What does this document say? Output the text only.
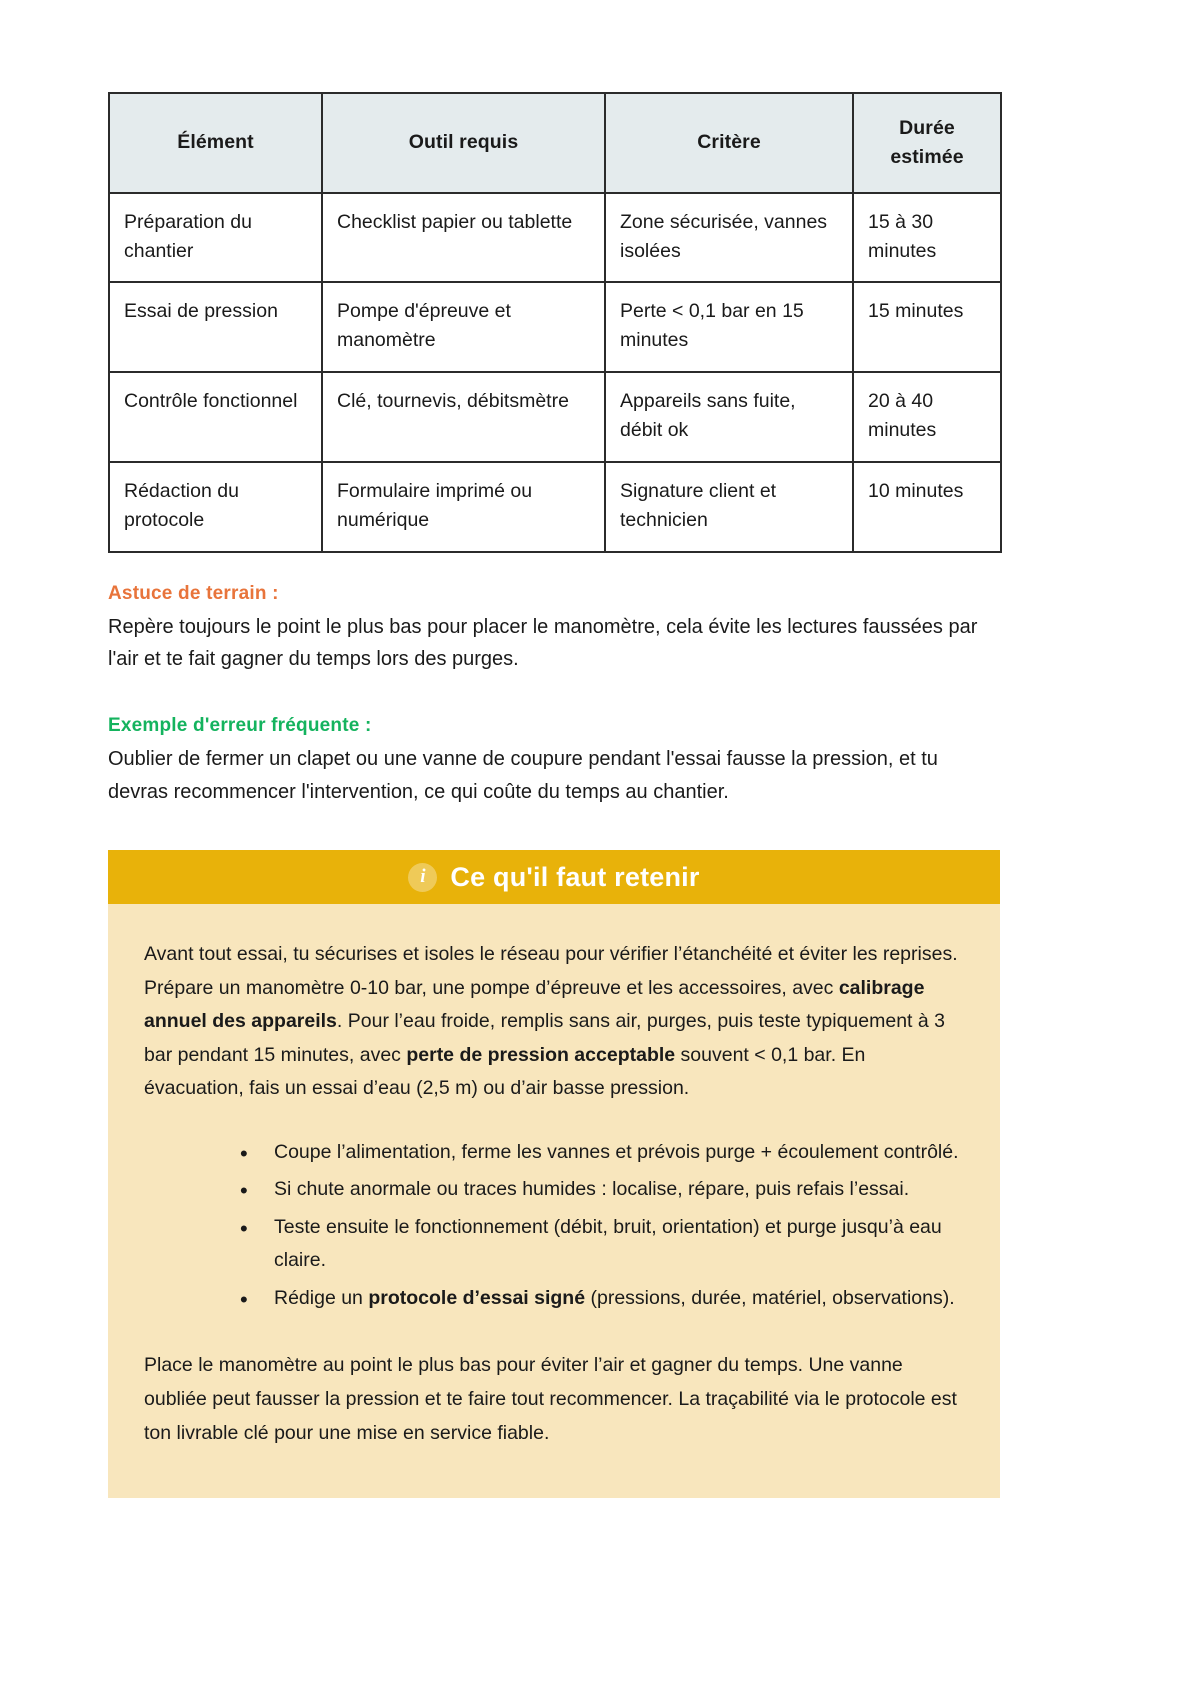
Élément	Outil requis	Critère	Durée estimée
Préparation du chantier	Checklist papier ou tablette	Zone sécurisée, vannes isolées	15 à 30 minutes
Essai de pression	Pompe d'épreuve et manomètre	Perte < 0,1 bar en 15 minutes	15 minutes
Contrôle fonctionnel	Clé, tournevis, débitsmètre	Appareils sans fuite, débit ok	20 à 40 minutes
Rédaction du protocole	Formulaire imprimé ou numérique	Signature client et technicien	10 minutes

Astuce de terrain :

Repère toujours le point le plus bas pour placer le manomètre, cela évite les lectures faussées par l'air et te fait gagner du temps lors des purges.

Exemple d'erreur fréquente :

Oublier de fermer un clapet ou une vanne de coupure pendant l'essai fausse la pression, et tu devras recommencer l'intervention, ce qui coûte du temps au chantier.

i Ce qu'il faut retenir

Avant tout essai, tu sécurises et isoles le réseau pour vérifier l’étanchéité et éviter les reprises. Prépare un manomètre 0-10 bar, une pompe d’épreuve et les accessoires, avec calibrage annuel des appareils. Pour l’eau froide, remplis sans air, purges, puis teste typiquement à 3 bar pendant 15 minutes, avec perte de pression acceptable souvent < 0,1 bar. En évacuation, fais un essai d’eau (2,5 m) ou d’air basse pression.

• Coupe l’alimentation, ferme les vannes et prévois purge + écoulement contrôlé.
• Si chute anormale ou traces humides : localise, répare, puis refais l’essai.
• Teste ensuite le fonctionnement (débit, bruit, orientation) et purge jusqu’à eau claire.
• Rédige un protocole d’essai signé (pressions, durée, matériel, observations).

Place le manomètre au point le plus bas pour éviter l’air et gagner du temps. Une vanne oubliée peut fausser la pression et te faire tout recommencer. La traçabilité via le protocole est ton livrable clé pour une mise en service fiable.
